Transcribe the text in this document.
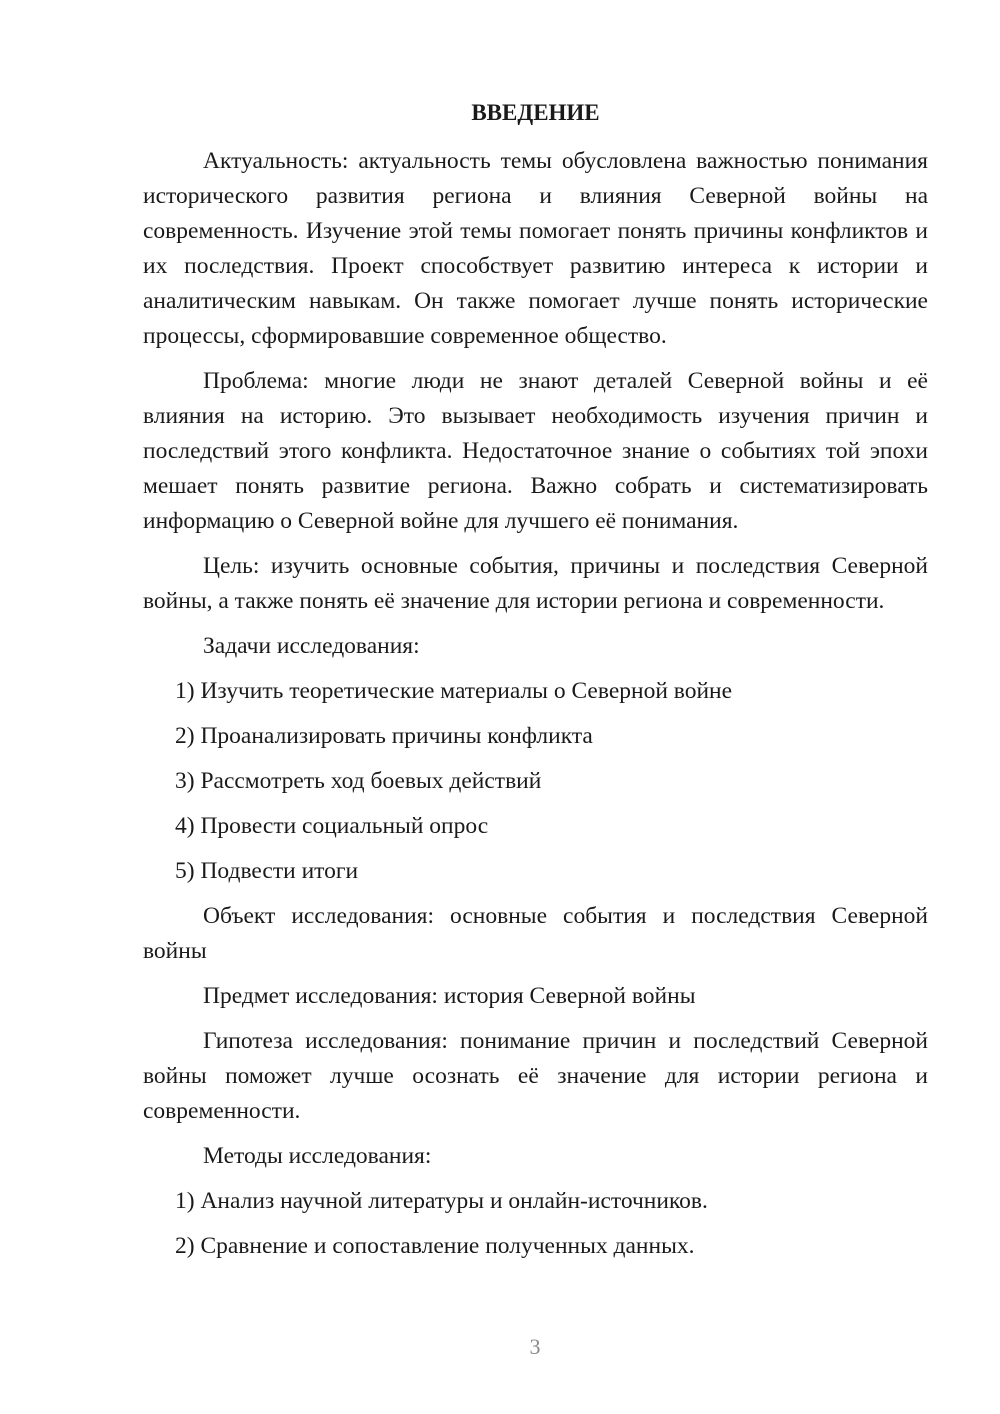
ВВЕДЕНИЕ
Актуальность: актуальность темы обусловлена важностью понимания исторического развития региона и влияния Северной войны на современность. Изучение этой темы помогает понять причины конфликтов и их последствия. Проект способствует развитию интереса к истории и аналитическим навыкам. Он также помогает лучше понять исторические процессы, сформировавшие современное общество.
Проблема: многие люди не знают деталей Северной войны и её влияния на историю. Это вызывает необходимость изучения причин и последствий этого конфликта. Недостаточное знание о событиях той эпохи мешает понять развитие региона. Важно собрать и систематизировать информацию о Северной войне для лучшего её понимания.
Цель: изучить основные события, причины и последствия Северной войны, а также понять её значение для истории региона и современности.
Задачи исследования:
1) Изучить теоретические материалы о Северной войне
2) Проанализировать причины конфликта
3) Рассмотреть ход боевых действий
4) Провести социальный опрос
5) Подвести итоги
Объект исследования: основные события и последствия Северной войны
Предмет исследования: история Северной войны
Гипотеза исследования: понимание причин и последствий Северной войны поможет лучше осознать её значение для истории региона и современности.
Методы исследования:
1) Анализ научной литературы и онлайн-источников.
2) Сравнение и сопоставление полученных данных.
3
